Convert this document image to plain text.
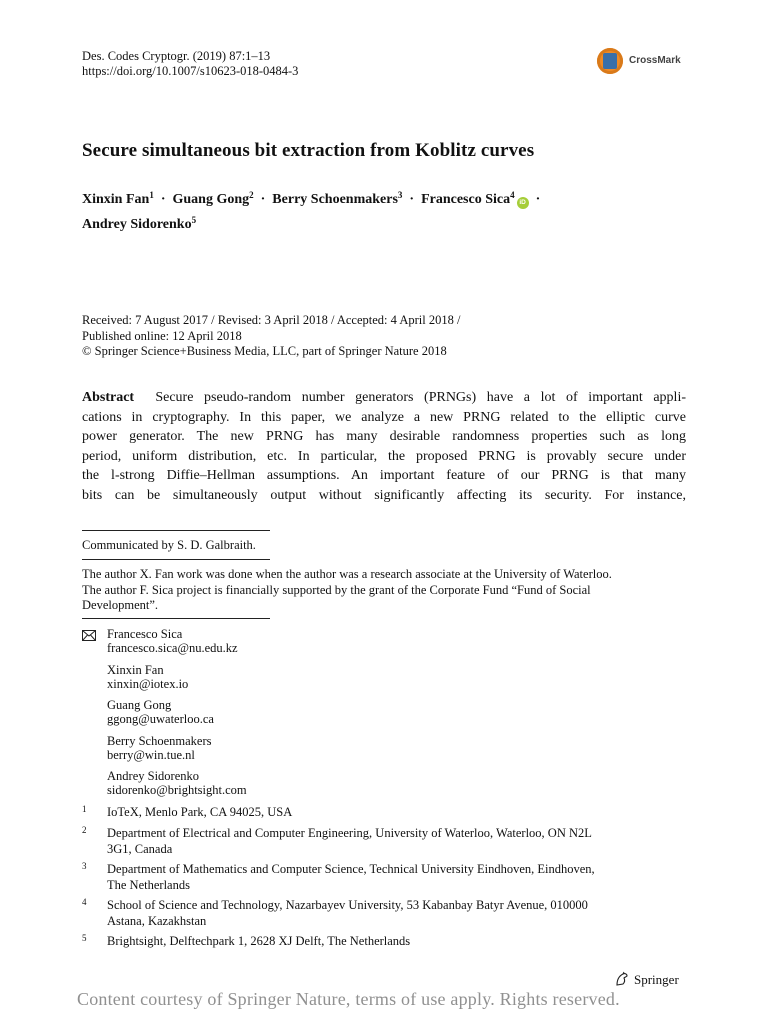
Des. Codes Cryptogr. (2019) 87:1–13
https://doi.org/10.1007/s10623-018-0484-3
CrossMark
Secure simultaneous bit extraction from Koblitz curves
Xinxin Fan$^1$  ·  Guang Gong$^2$  ·  Berry Schoenmakers$^3$  ·  Francesco Sica$^4$iD  ·
Andrey Sidorenko$^5$
Received: 7 August 2017 / Revised: 3 April 2018 / Accepted: 4 April 2018 /
Published online: 12 April 2018
© Springer Science+Business Media, LLC, part of Springer Nature 2018
Abstract Secure pseudo-random number generators (PRNGs) have a lot of important appli-
cations in cryptography. In this paper, we analyze a new PRNG related to the elliptic curve
power generator. The new PRNG has many desirable randomness properties such as long
period, uniform distribution, etc. In particular, the proposed PRNG is provably secure under
the l-strong Diffie–Hellman assumptions. An important feature of our PRNG is that many
bits can be simultaneously output without significantly affecting its security. For instance,
Communicated by S. D. Galbraith.
The author X. Fan work was done when the author was a research associate at the University of Waterloo.
The author F. Sica project is financially supported by the grant of the Corporate Fund “Fund of Social
Development”.
Francesco Sica
francesco.sica@nu.edu.kz
Xinxin Fan
xinxin@iotex.io
Guang Gong
ggong@uwaterloo.ca
Berry Schoenmakers
berry@win.tue.nl
Andrey Sidorenko
sidorenko@brightsight.com
1 IoTeX, Menlo Park, CA 94025, USA
2 Department of Electrical and Computer Engineering, University of Waterloo, Waterloo, ON N2L
3G1, Canada
3 Department of Mathematics and Computer Science, Technical University Eindhoven, Eindhoven,
The Netherlands
4 School of Science and Technology, Nazarbayev University, 53 Kabanbay Batyr Avenue, 010000
Astana, Kazakhstan
5 Brightsight, Delftechpark 1, 2628 XJ Delft, The Netherlands
Springer
Content courtesy of Springer Nature, terms of use apply. Rights reserved.
